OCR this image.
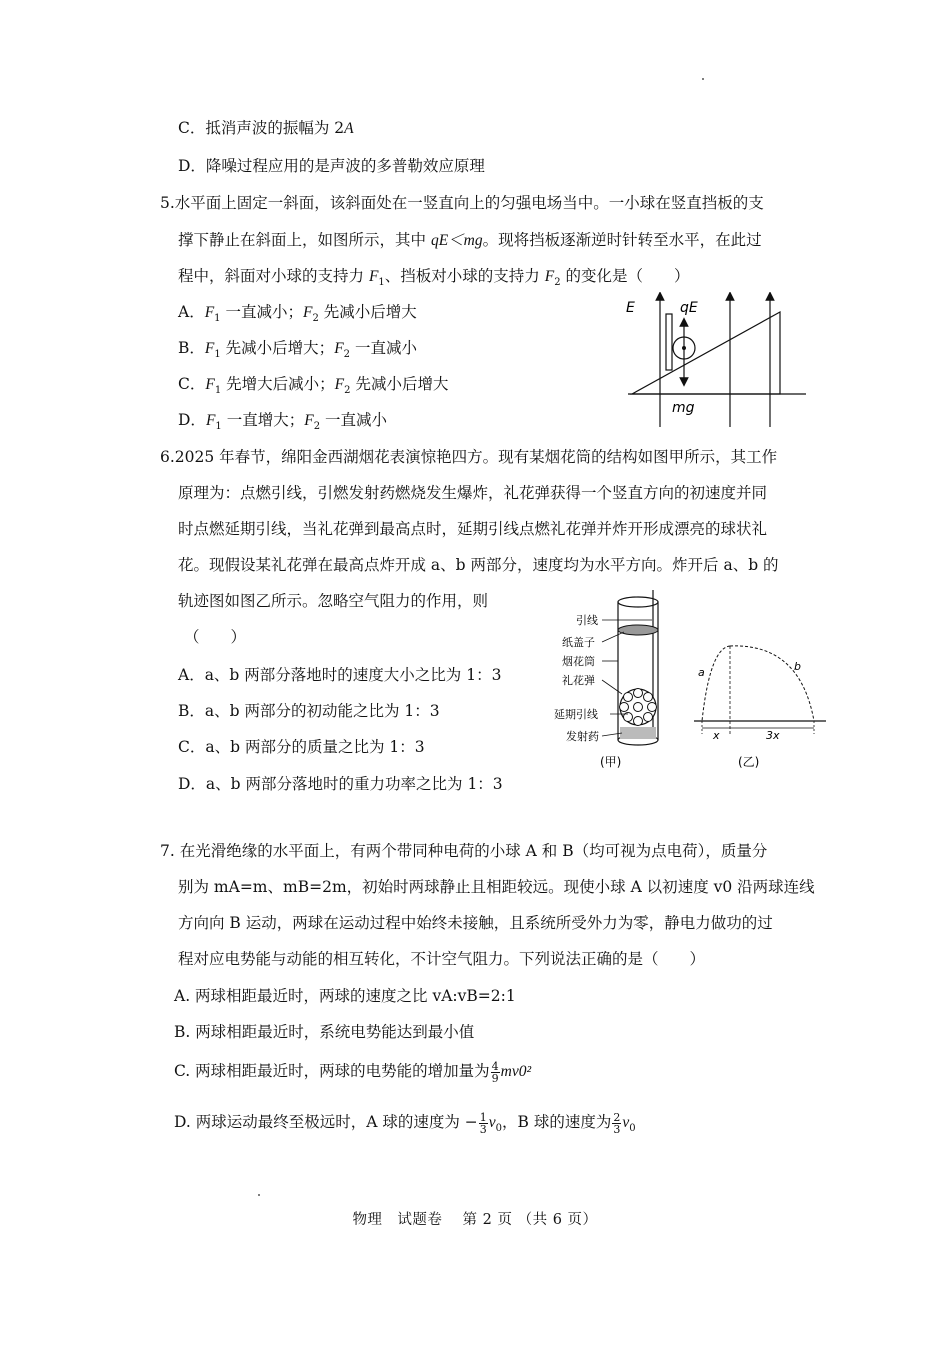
C．抵消声波的振幅为 2A
D．降噪过程应用的是声波的多普勒效应原理
5.水平面上固定一斜面，该斜面处在一竖直向上的匀强电场当中。一小球在竖直挡板的支
撑下静止在斜面上，如图所示，其中 qE＜mg。现将挡板逐渐逆时针转至水平，在此过
程中，斜面对小球的支持力 $F_1$、挡板对小球的支持力 $F_2$ 的变化是（　　）
A．$F_1$ 一直减小；$F_2$ 先减小后增大
B．$F_1$ 先减小后增大；$F_2$ 一直减小
C．$F_1$ 先增大后减小；$F_2$ 先减小后增大
D．$F_1$ 一直增大；$F_2$ 一直减小
E	qE
mg
6.2025 年春节，绵阳金西湖烟花表演惊艳四方。现有某烟花筒的结构如图甲所示，其工作
原理为：点燃引线，引燃发射药燃烧发生爆炸，礼花弹获得一个竖直方向的初速度并同
时点燃延期引线，当礼花弹到最高点时，延期引线点燃礼花弹并炸开形成漂亮的球状礼
花。现假设某礼花弹在最高点炸开成 a、b 两部分，速度均为水平方向。炸开后 a、b 的
轨迹图如图乙所示。忽略空气阻力的作用，则
（　　）
A．a、b 两部分落地时的速度大小之比为 1：3
B．a、b 两部分的初动能之比为 1：3
C．a、b 两部分的质量之比为 1：3
D．a、b 两部分落地时的重力功率之比为 1：3
引线
纸盖子
烟花筒
礼花弹
延期引线
发射药
(甲)
a	b
x	3x
(乙)
7. 在光滑绝缘的水平面上，有两个带同种电荷的小球 A 和 B（均可视为点电荷），质量分
别为 mA=m、mB=2m，初始时两球静止且相距较远。现使小球 A 以初速度 v0 沿两球连线
方向向 B 运动，两球在运动过程中始终未接触，且系统所受外力为零，静电力做功的过
程对应电势能与动能的相互转化，不计空气阻力。下列说法正确的是（　　）
A. 两球相距最近时，两球的速度之比 vA:vB=2:1
B. 两球相距最近时，系统电势能达到最小值
C. 两球相距最近时，两球的电势能的增加量为 $\frac{4}{9} mv0^2$
D. 两球运动最终至极远时，A 球的速度为 − $\frac{1}{3} v_0$，B 球的速度为 $\frac{2}{3} v_0$
物理　试题卷　 第 2 页 （共 6 页）
